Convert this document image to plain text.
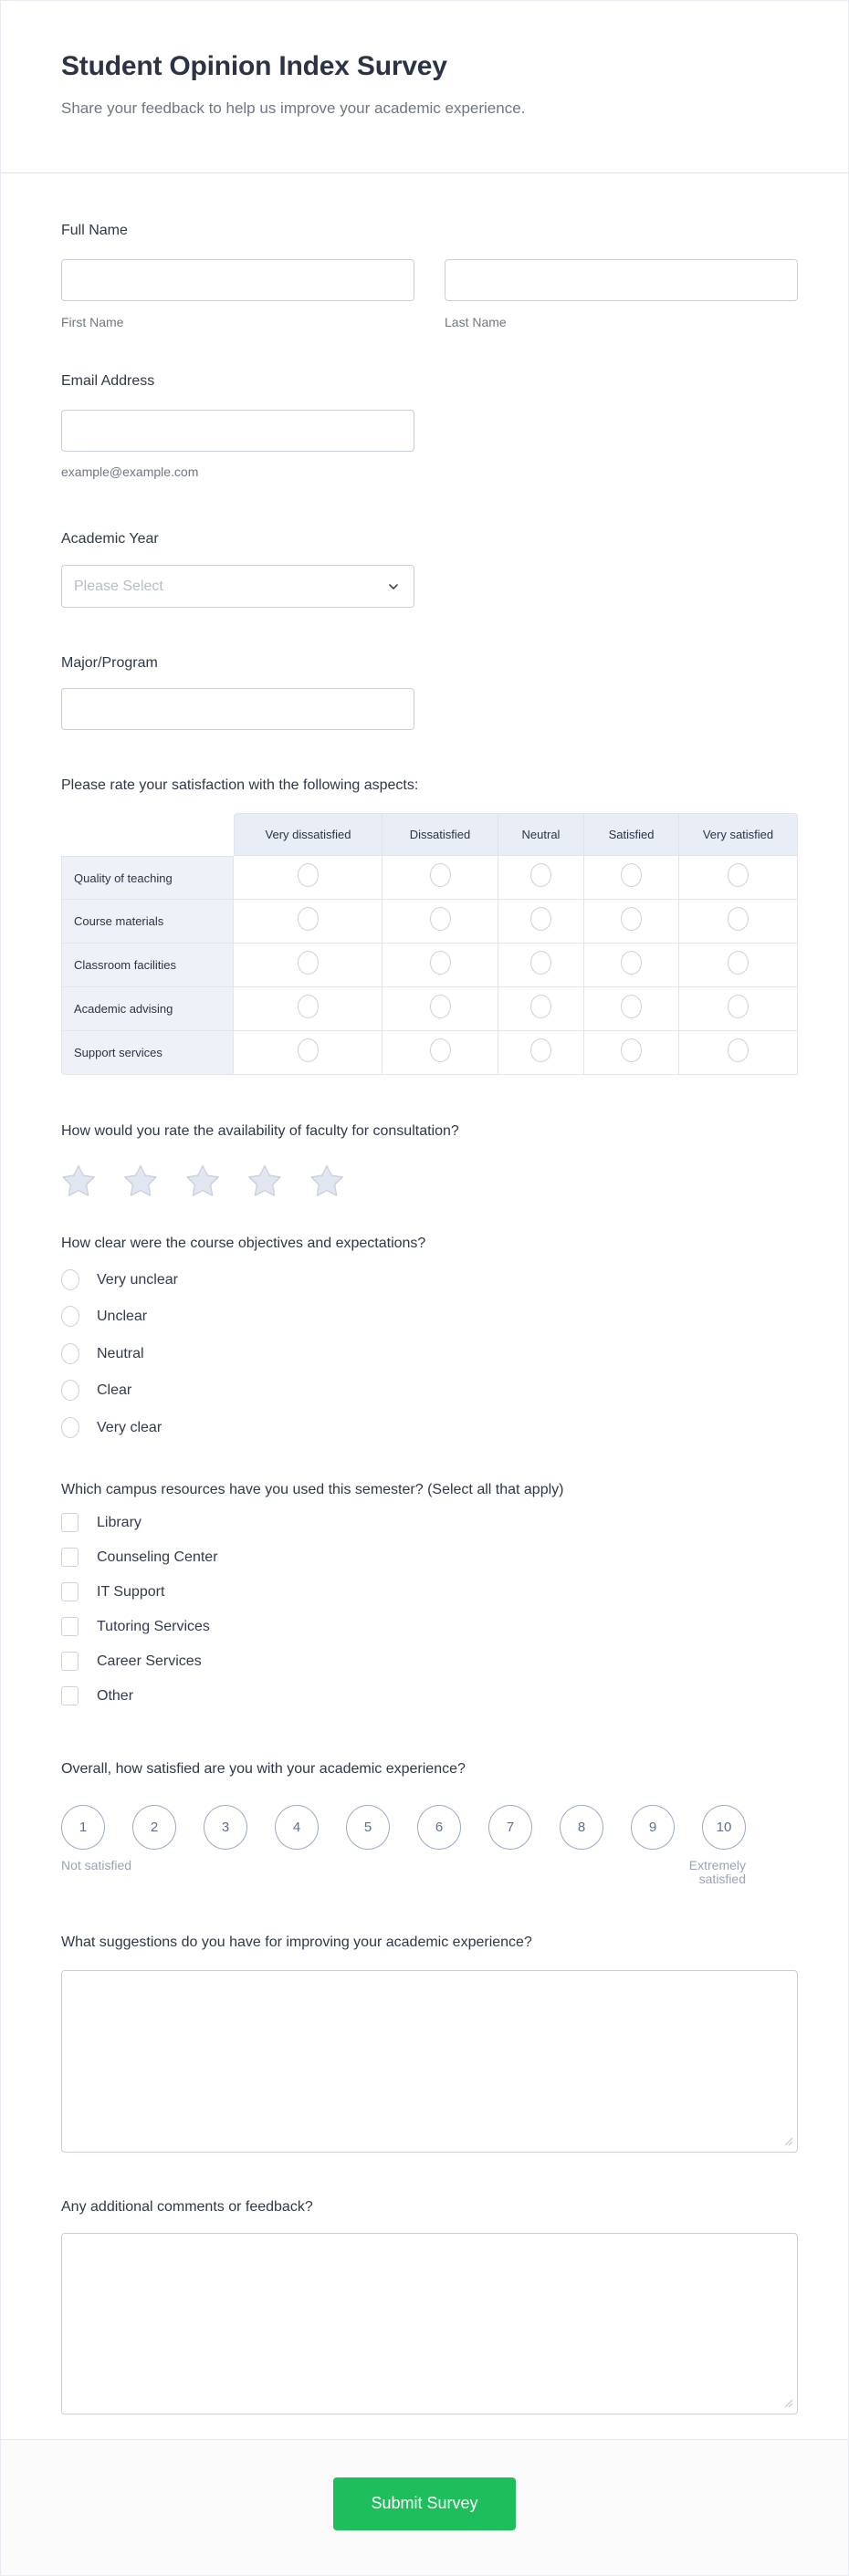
Student Opinion Index Survey

Share your feedback to help us improve your academic experience.

Full Name
First Name	Last Name
Email Address
example@example.com
Academic Year
Please Select
Major/Program
Please rate your satisfaction with the following aspects:
	Very dissatisfied	Dissatisfied	Neutral	Satisfied	Very satisfied
Quality of teaching					
Course materials					
Classroom facilities					
Academic advising					
Support services					
How would you rate the availability of faculty for consultation?
How clear were the course objectives and expectations?
Very unclear
Unclear
Neutral
Clear
Very clear
Which campus resources have you used this semester? (Select all that apply)
Library
Counseling Center
IT Support
Tutoring Services
Career Services
Other
Overall, how satisfied are you with your academic experience?
1	2	3	4	5	6	7	8	9	10
Not satisfied	Extremely satisfied
What suggestions do you have for improving your academic experience?
Any additional comments or feedback?
Submit Survey
